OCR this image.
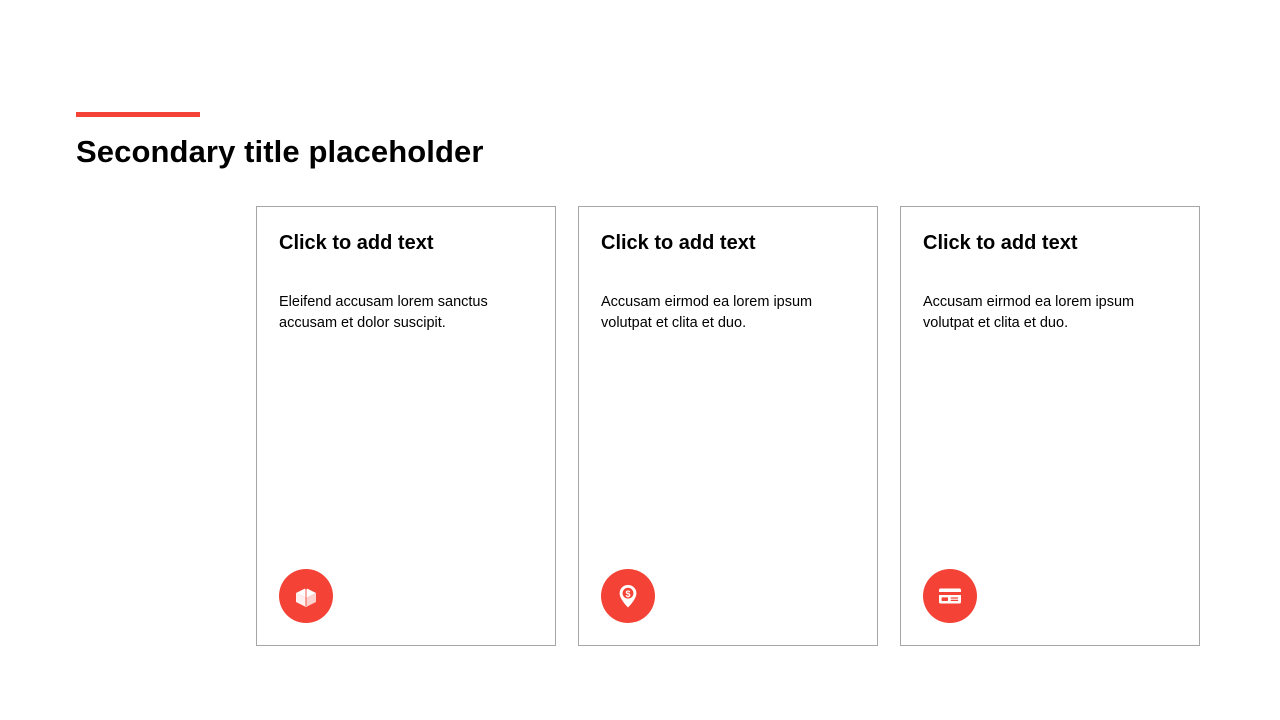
Secondary title placeholder
Click to add text

Eleifend accusam lorem sanctus accusam et dolor suscipit.

Click to add text

Accusam eirmod ea lorem ipsum volutpat et clita et duo.

$
Click to add text

Accusam eirmod ea lorem ipsum volutpat et clita et duo.
